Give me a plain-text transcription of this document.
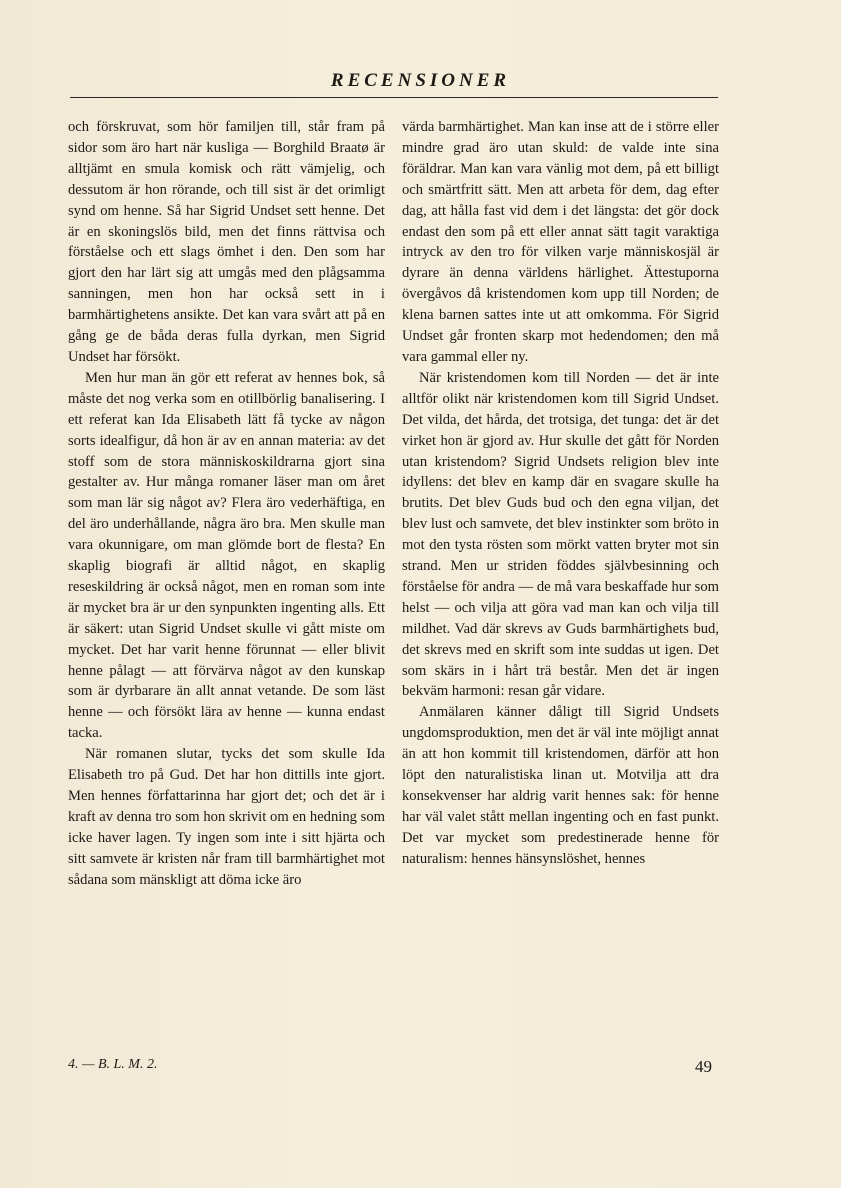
RECENSIONER

och förskruvat, som hör familjen till, står fram på sidor som äro hart när kusliga — Borghild Braatø är alltjämt en smula komisk och rätt vämjelig, och dessutom är hon rörande, och till sist är det orimligt synd om henne. Så har Sigrid Undset sett henne. Det är en skoningslös bild, men det finns rättvisa och förståelse och ett slags ömhet i den. Den som har gjort den har lärt sig att umgås med den plågsamma sanningen, men hon har också sett in i barmhärtighetens ansikte. Det kan vara svårt att på en gång ge de båda deras fulla dyrkan, men Sigrid Undset har försökt.

Men hur man än gör ett referat av hennes bok, så måste det nog verka som en otillbörlig banalisering. I ett referat kan Ida Elisabeth lätt få tycke av någon sorts idealfigur, då hon är av en annan materia: av det stoff som de stora människoskildrarna gjort sina gestalter av. Hur många romaner läser man om året som man lär sig något av? Flera äro vederhäftiga, en del äro underhållande, några äro bra. Men skulle man vara okunnigare, om man glömde bort de flesta? En skaplig biografi är alltid något, en skaplig reseskildring är också något, men en roman som inte är mycket bra är ur den synpunkten ingenting alls. Ett är säkert: utan Sigrid Undset skulle vi gått miste om mycket. Det har varit henne förunnat — eller blivit henne pålagt — att förvärva något av den kunskap som är dyrbarare än allt annat vetande. De som läst henne — och försökt lära av henne — kunna endast tacka.

När romanen slutar, tycks det som skulle Ida Elisabeth tro på Gud. Det har hon dittills inte gjort. Men hennes författarinna har gjort det; och det är i kraft av denna tro som hon skrivit om en hedning som icke haver lagen. Ty ingen som inte i sitt hjärta och sitt samvete är kristen når fram till barmhärtighet mot sådana som mänskligt att döma icke äro

värda barmhärtighet. Man kan inse att de i större eller mindre grad äro utan skuld: de valde inte sina föräldrar. Man kan vara vänlig mot dem, på ett billigt och smärtfritt sätt. Men att arbeta för dem, dag efter dag, att hålla fast vid dem i det längsta: det gör dock endast den som på ett eller annat sätt tagit varaktiga intryck av den tro för vilken varje människosjäl är dyrare än denna världens härlighet. Ättestuporna övergåvos då kristendomen kom upp till Norden; de klena barnen sattes inte ut att omkomma. För Sigrid Undset går fronten skarp mot hedendomen; den må vara gammal eller ny.

När kristendomen kom till Norden — det är inte alltför olikt när kristendomen kom till Sigrid Undset. Det vilda, det hårda, det trotsiga, det tunga: det är det virket hon är gjord av. Hur skulle det gått för Norden utan kristendom? Sigrid Undsets religion blev inte idyllens: det blev en kamp där en svagare skulle ha brutits. Det blev Guds bud och den egna viljan, det blev lust och samvete, det blev instinkter som bröto in mot den tysta rösten som mörkt vatten bryter mot sin strand. Men ur striden föddes självbesinning och förståelse för andra — de må vara beskaffade hur som helst — och vilja att göra vad man kan och vilja till mildhet. Vad där skrevs av Guds barmhärtighets bud, det skrevs med en skrift som inte suddas ut igen. Det som skärs in i hårt trä består. Men det är ingen bekväm harmoni: resan går vidare.

Anmälaren känner dåligt till Sigrid Undsets ungdomsproduktion, men det är väl inte möjligt annat än att hon kommit till kristendomen, därför att hon löpt den naturalistiska linan ut. Motvilja att dra konsekvenser har aldrig varit hennes sak: för henne har väl valet stått mellan ingenting och en fast punkt. Det var mycket som predestinerade henne för naturalism: hennes hänsynslöshet, hennes

4. — B. L. M. 2.	49
